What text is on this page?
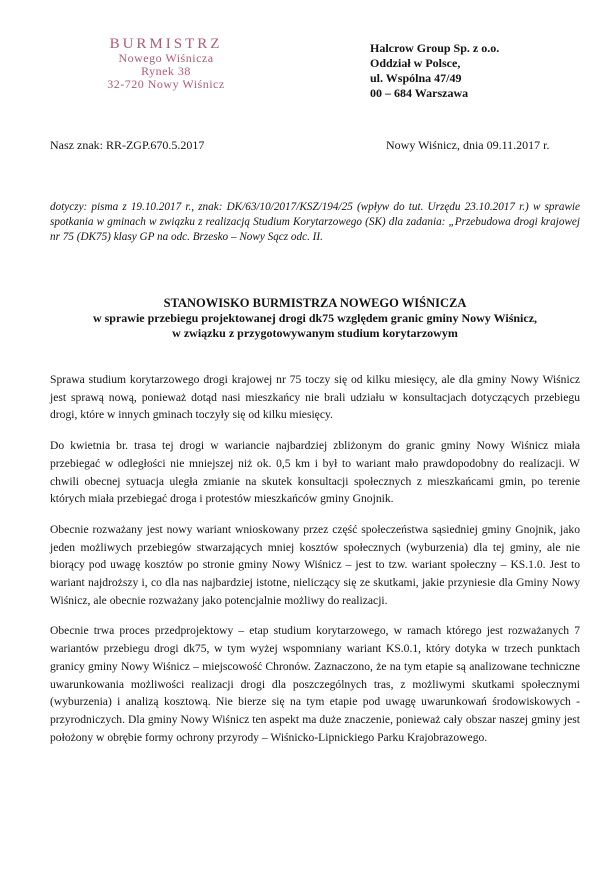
BURMISTRZ
Nowego Wiśnicza
Rynek 38
32-720 Nowy Wiśnicz
Halcrow Group Sp. z o.o.
Oddział w Polsce,
ul. Wspólna 47/49
00 – 684 Warszawa
Nasz znak: RR-ZGP.670.5.2017	Nowy Wiśnicz, dnia 09.11.2017 r.
dotyczy: pisma z 19.10.2017 r., znak: DK/63/10/2017/KSZ/194/25 (wpływ do tut. Urzędu 23.10.2017 r.) w sprawie spotkania w gminach w związku z realizacją Studium Korytarzowego (SK) dla zadania: „Przebudowa drogi krajowej nr 75 (DK75) klasy GP na odc. Brzesko – Nowy Sącz odc. II.
STANOWISKO BURMISTRZA NOWEGO WIŚNICZA
w sprawie przebiegu projektowanej drogi dk75 względem granic gminy Nowy Wiśnicz,
w związku z przygotowywanym studium korytarzowym

Sprawa studium korytarzowego drogi krajowej nr 75 toczy się od kilku miesięcy, ale dla gminy Nowy Wiśnicz jest sprawą nową, ponieważ dotąd nasi mieszkańcy nie brali udziału w konsultacjach dotyczących przebiegu drogi, które w innych gminach toczyły się od kilku miesięcy.

Do kwietnia br. trasa tej drogi w wariancie najbardziej zbliżonym do granic gminy Nowy Wiśnicz miała przebiegać w odległości nie mniejszej niż ok. 0,5 km i był to wariant mało prawdopodobny do realizacji. W chwili obecnej sytuacja uległa zmianie na skutek konsultacji społecznych z mieszkańcami gmin, po terenie których miała przebiegać droga i protestów mieszkańców gminy Gnojnik.

Obecnie rozważany jest nowy wariant wnioskowany przez część społeczeństwa sąsiedniej gminy Gnojnik, jako jeden możliwych przebiegów stwarzających mniej kosztów społecznych (wyburzenia) dla tej gminy, ale nie biorący pod uwagę kosztów po stronie gminy Nowy Wiśnicz – jest to tzw. wariant społeczny – KS.1.0. Jest to wariant najdroższy i, co dla nas najbardziej istotne, nieliczący się ze skutkami, jakie przyniesie dla Gminy Nowy Wiśnicz, ale obecnie rozważany jako potencjalnie możliwy do realizacji.

Obecnie trwa proces przedprojektowy – etap studium korytarzowego, w ramach którego jest rozważanych 7 wariantów przebiegu drogi dk75, w tym wyżej wspomniany wariant KS.0.1, który dotyka w trzech punktach granicy gminy Nowy Wiśnicz – miejscowość Chronów. Zaznaczono, że na tym etapie są analizowane techniczne uwarunkowania możliwości realizacji drogi dla poszczególnych tras, z możliwymi skutkami społecznymi (wyburzenia) i analizą kosztową. Nie bierze się na tym etapie pod uwagę uwarunkowań środowiskowych - przyrodniczych. Dla gminy Nowy Wiśnicz ten aspekt ma duże znaczenie, ponieważ cały obszar naszej gminy jest położony w obrębie formy ochrony przyrody – Wiśnicko-Lipnickiego Parku Krajobrazowego.
